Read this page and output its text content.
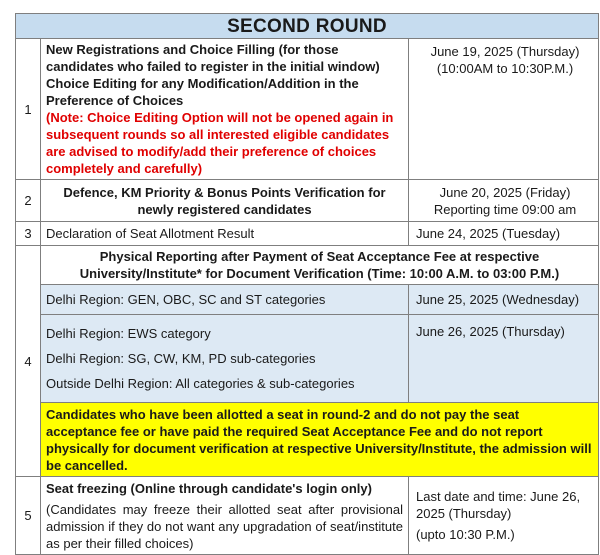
SECOND ROUND		
1	New Registrations and Choice Filling (for those candidates who failed to register in the initial window) Choice Editing for any Modification/Addition in the Preference of Choices
(Note: Choice Editing Option will not be opened again in subsequent rounds so all interested eligible candidates are advised to modify/add their preference of choices completely and carefully)	June 19, 2025 (Thursday)
(10:00AM to 10:30P.M.)

2	Defence, KM Priority & Bonus Points Verification for newly registered candidates	June 20, 2025 (Friday)
Reporting time 09:00 am

3	Declaration of Seat Allotment Result	June 24, 2025 (Tuesday)
4	Physical Reporting after Payment of Seat Acceptance Fee at respective University/Institute* for Document Verification (Time: 10:00 A.M. to 03:00 P.M.)	
	Delhi Region: GEN, OBC, SC and ST categories	June 25, 2025 (Wednesday)

	Delhi Region: EWS category
Delhi Region: SG, CW, KM, PD sub-categories
Outside Delhi Region: All categories & sub-categories	June 26, 2025 (Thursday)
	Candidates who have been allotted a seat in round-2 and do not pay the seat acceptance fee or have paid the required Seat Acceptance Fee and do not report physically for document verification at respective University/Institute, the admission will be cancelled.	
5	Seat freezing (Online through candidate's login only)
(Candidates may freeze their allotted seat after provisional admission if they do not want any upgradation of seat/institute as per their filled choices)	Last date and time: June 26, 2025 (Thursday)
(upto 10:30 P.M.)
